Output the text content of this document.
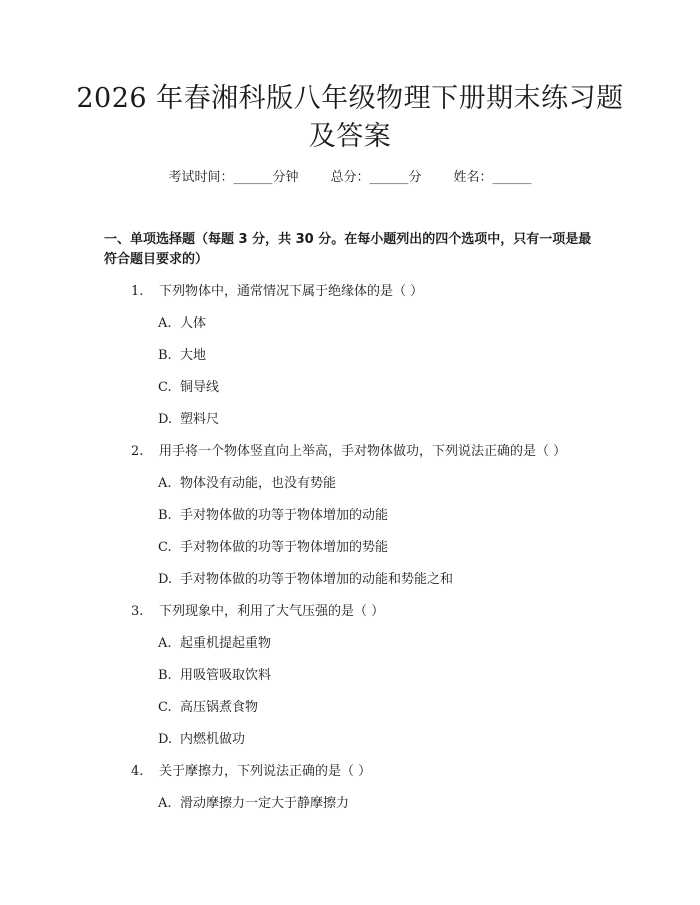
2026 年春湘科版八年级物理下册期末练习题
及答案
考试时间：______分钟 总分：______分 姓名：______
一、单项选择题（每题 3 分，共 30 分。在每小题列出的四个选项中，只有一项是最符合题目要求的）
1. 下列物体中，通常情况下属于绝缘体的是（ ）
A. 人体
B. 大地
C. 铜导线
D. 塑料尺
2. 用手将一个物体竖直向上举高，手对物体做功，下列说法正确的是（ ）
A. 物体没有动能，也没有势能
B. 手对物体做的功等于物体增加的动能
C. 手对物体做的功等于物体增加的势能
D. 手对物体做的功等于物体增加的动能和势能之和
3. 下列现象中，利用了大气压强的是（ ）
A. 起重机提起重物
B. 用吸管吸取饮料
C. 高压锅煮食物
D. 内燃机做功
4. 关于摩擦力，下列说法正确的是（ ）
A. 滑动摩擦力一定大于静摩擦力
